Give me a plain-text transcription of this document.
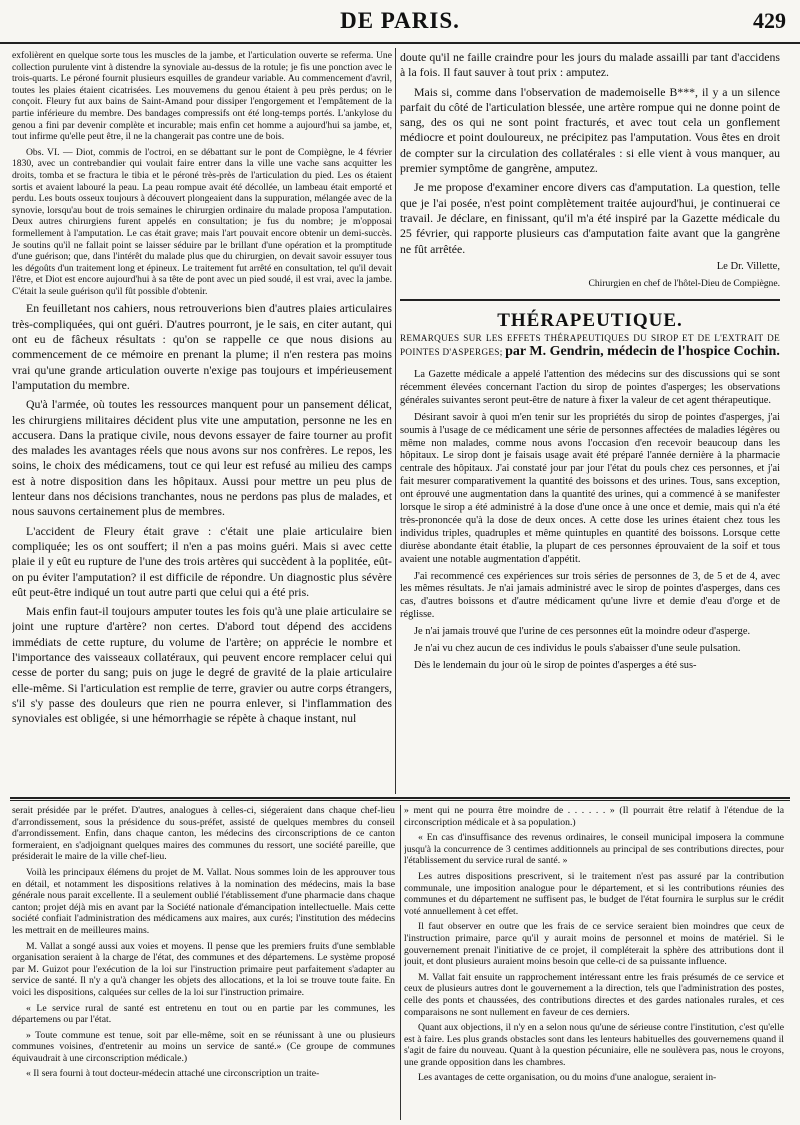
DE PARIS.	429

exfolièrent en quelque sorte tous les muscles de la jambe, et l'articulation ouverte se referma. Une collection purulente vint à distendre la synoviale au-dessus de la rotule; je fis une ponction avec le trois-quarts. Le péroné fournit plusieurs esquilles de grandeur variable. Au commencement d'avril, toutes les plaies étaient cicatrisées. Les mouvemens du genou étaient à peu près perdus; on le conçoit. Fleury fut aux bains de Saint-Amand pour dissiper l'engorgement et l'empâtement de la partie inférieure du membre. Des bandages compressifs ont été long-temps portés. L'ankylose du genou a fini par devenir complète et incurable; mais enfin cet homme a aujourd'hui sa jambe, et, tout infirme qu'elle peut être, il ne la changerait pas contre une de bois.

Obs. VI. — Diot, commis de l'octroi, en se débattant sur le pont de Compiègne, le 4 février 1830, avec un contrebandier qui voulait faire entrer dans la ville une vache sans acquitter les droits, tomba et se fractura le tibia et le péroné très-près de l'articulation du pied. Les os étaient sortis et avaient labouré la peau. La peau rompue avait été décollée, un lambeau était emporté et perdu. Les bouts osseux toujours à découvert plongeaient dans la suppuration, mélangée avec de la synovie, lorsqu'au bout de trois semaines le chirurgien ordinaire du malade proposa l'amputation. Deux autres chirurgiens furent appelés en consultation; je fus du nombre; je m'opposai formellement à l'amputation. Le cas était grave; mais l'art pouvait encore obtenir un demi-succès. Je soutins qu'il ne fallait point se laisser séduire par le brillant d'une opération et la promptitude d'une guérison; que, dans l'intérêt du malade plus que du chirurgien, on devait savoir essuyer tous les dégoûts d'un traitement long et épineux. Le traitement fut arrêté en consultation, tel qu'il devait l'être, et Diot est encore aujourd'hui à sa tête de pont avec un pied soudé, il est vrai, avec la jambe. C'était la seule guérison qu'il fût possible d'obtenir.

En feuilletant nos cahiers, nous retrouverions bien d'autres plaies articulaires très-compliquées, qui ont guéri. D'autres pourront, je le sais, en citer autant, qui ont eu de fâcheux résultats : qu'on se rappelle ce que nous disions au commencement de ce mémoire en prenant la plume; il n'en restera pas moins vrai qu'une grande articulation ouverte n'exige pas toujours et impérieusement l'amputation du membre.

Qu'à l'armée, où toutes les ressources manquent pour un pansement délicat, les chirurgiens militaires décident plus vite une amputation, personne ne les en accusera. Dans la pratique civile, nous devons essayer de faire tourner au profit des malades les avantages réels que nous avons sur nos confrères. Le repos, les soins, le choix des médicamens, tout ce qui leur est refusé au milieu des camps est à notre disposition dans les hôpitaux. Aussi pour mettre un peu plus de lenteur dans nos décisions tranchantes, nous ne perdons pas plus de malades, et nous sauvons certainement plus de membres.

L'accident de Fleury était grave : c'était une plaie articulaire bien compliquée; les os ont souffert; il n'en a pas moins guéri. Mais si avec cette plaie il y eût eu rupture de l'une des trois artères qui succèdent à la poplitée, eût-on pu éviter l'amputation? il est difficile de répondre. Un diagnostic plus sévère eût peut-être indiqué un tout autre parti que celui qui a été pris.

Mais enfin faut-il toujours amputer toutes les fois qu'à une plaie articulaire se joint une rupture d'artère? non certes. D'abord tout dépend des accidens immédiats de cette rupture, du volume de l'artère; on apprécie le nombre et l'importance des vaisseaux collatéraux, qui peuvent encore remplacer celui qui cesse de porter du sang; puis on juge le degré de gravité de la plaie articulaire elle-même. Si l'articulation est remplie de terre, gravier ou autre corps étrangers, s'il s'y passe des douleurs que rien ne pourra enlever, si l'inflammation des synoviales est obligée, si une hémorrhagie se répète à chaque instant, nul

doute qu'il ne faille craindre pour les jours du malade assailli par tant d'accidens à la fois. Il faut sauver à tout prix : amputez.

Mais si, comme dans l'observation de mademoiselle B***, il y a un silence parfait du côté de l'articulation blessée, une artère rompue qui ne donne point de sang, des os qui ne sont point fracturés, et avec tout cela un gonflement médiocre et point douloureux, ne précipitez pas l'amputation. Vous êtes en droit de compter sur la circulation des collatérales : si elle vient à vous manquer, au premier symptôme de gangrène, amputez.

Je me propose d'examiner encore divers cas d'amputation. La question, telle que je l'ai posée, n'est point complètement traitée aujourd'hui, je continuerai ce travail. Je déclare, en finissant, qu'il m'a été inspiré par la Gazette médicale du 25 février, qui rapporte plusieurs cas d'amputation faite avant que la gangrène ne fût arrêtée.

Le Dr. Villette,

Chirurgien en chef de l'hôtel-Dieu de Compiègne.

THÉRAPEUTIQUE.

REMARQUES SUR LES EFFETS THÉRAPEUTIQUES DU SIROP ET DE L'EXTRAIT DE POINTES D'ASPERGES; par M. Gendrin, médecin de l'hospice Cochin.

La Gazette médicale a appelé l'attention des médecins sur des discussions qui se sont récemment élevées concernant l'action du sirop de pointes d'asperges; les observations générales suivantes seront peut-être de nature à fixer la valeur de cet agent thérapeutique.

Désirant savoir à quoi m'en tenir sur les propriétés du sirop de pointes d'asperges, j'ai soumis à l'usage de ce médicament une série de personnes affectées de maladies légères ou même non malades, comme nous avons l'occasion d'en recevoir beaucoup dans les hôpitaux. Le sirop dont je faisais usage avait été préparé l'année dernière à la pharmacie centrale des hôpitaux. J'ai constaté jour par jour l'état du pouls chez ces personnes, et j'ai fait mesurer comparativement la quantité des boissons et des urines. Tous, sans exception, ont éprouvé une augmentation dans la quantité des urines, qui a commencé à se manifester lorsque le sirop a été administré à la dose d'une once à une once et demie, mais qui n'a été très-prononcée qu'à la dose de deux onces. A cette dose les urines étaient chez tous les individus triples, quadruples et même quintuples en quantité des boissons. Lorsque cette diurèse abondante était établie, la plupart de ces personnes éprouvaient de la soif et tous avaient une notable augmentation d'appétit.

J'ai recommencé ces expériences sur trois séries de personnes de 3, de 5 et de 4, avec les mêmes résultats. Je n'ai jamais administré avec le sirop de pointes d'asperges, dans ces cas, d'autres boissons et d'autre médicament qu'une livre et demie d'eau d'orge et de réglisse.

Je n'ai jamais trouvé que l'urine de ces personnes eût la moindre odeur d'asperge.

Je n'ai vu chez aucun de ces individus le pouls s'abaisser d'une seule pulsation.

Dès le lendemain du jour où le sirop de pointes d'asperges a été sus-

serait présidée par le préfet. D'autres, analogues à celles-ci, siégeraient dans chaque chef-lieu d'arrondissement, sous la présidence du sous-préfet, assisté de quelques membres du conseil d'arrondissement. Enfin, dans chaque canton, les médecins des circonscriptions de ce canton formeraient, en s'adjoignant quelques maires des communes du ressort, une société pareille, que présiderait le maire de la ville chef-lieu.

Voilà les principaux élémens du projet de M. Vallat. Nous sommes loin de les approuver tous en détail, et notamment les dispositions relatives à la nomination des médecins, mais la base générale nous parait excellente. Il a seulement oublié l'établissement d'une pharmacie dans chaque canton; projet déjà mis en avant par la Société nationale d'émancipation intellectuelle. Mais cette société confiait l'administration des médicamens aux maires, aux curés; l'institution des médecins les mettrait en de meilleures mains.

M. Vallat a songé aussi aux voies et moyens. Il pense que les premiers fruits d'une semblable organisation seraient à la charge de l'état, des communes et des départemens. Le système proposé par M. Guizot pour l'exécution de la loi sur l'instruction primaire peut parfaitement s'adapter au service de santé. Il n'y a qu'à changer les objets des allocations, et la loi se trouve toute faite. En voici les dispositions, calquées sur celles de la loi sur l'instruction primaire.

« Le service rural de santé est entretenu en tout ou en partie par les communes, les départemens ou par l'état.

» Toute commune est tenue, soit par elle-même, soit en se réunissant à une ou plusieurs communes voisines, d'entretenir au moins un service de santé.» (Ce groupe de communes équivaudrait à une circonscription médicale.)

« Il sera fourni à tout docteur-médecin attaché une circonscription un traite-

» ment qui ne pourra être moindre de . . . . . . » (Il pourrait être relatif à l'étendue de la circonscription médicale et à sa population.)

« En cas d'insuffisance des revenus ordinaires, le conseil municipal imposera la commune jusqu'à la concurrence de 3 centimes additionnels au principal de ses contributions directes, pour l'établissement du service rural de santé. »

Les autres dispositions prescrivent, si le traitement n'est pas assuré par la contribution communale, une imposition analogue pour le département, et si les contributions réunies des communes et du département ne suffisent pas, le budget de l'état fournira le surplus sur le crédit voté annuellement à cet effet.

Il faut observer en outre que les frais de ce service seraient bien moindres que ceux de l'instruction primaire, parce qu'il y aurait moins de personnel et moins de matériel. Si le gouvernement prenait l'initiative de ce projet, il compléterait la sphère des attributions dont il jouit, et dont plusieurs auraient moins besoin que celle-ci de sa puissante influence.

M. Vallat fait ensuite un rapprochement intéressant entre les frais présumés de ce service et ceux de plusieurs autres dont le gouvernement a la direction, tels que l'administration des postes, celle des ponts et chaussées, des contributions directes et des gardes nationales rurales, et ces comparaisons ne sont nullement en faveur de ces derniers.

Quant aux objections, il n'y en a selon nous qu'une de sérieuse contre l'institution, c'est qu'elle est à faire. Les plus grands obstacles sont dans les lenteurs habituelles des gouvernemens quand il s'agit de faire du nouveau. Quant à la question pécuniaire, elle ne soulèvera pas, nous le croyons, une grande opposition dans les chambres.

Les avantages de cette organisation, ou du moins d'une analogue, seraient in-
